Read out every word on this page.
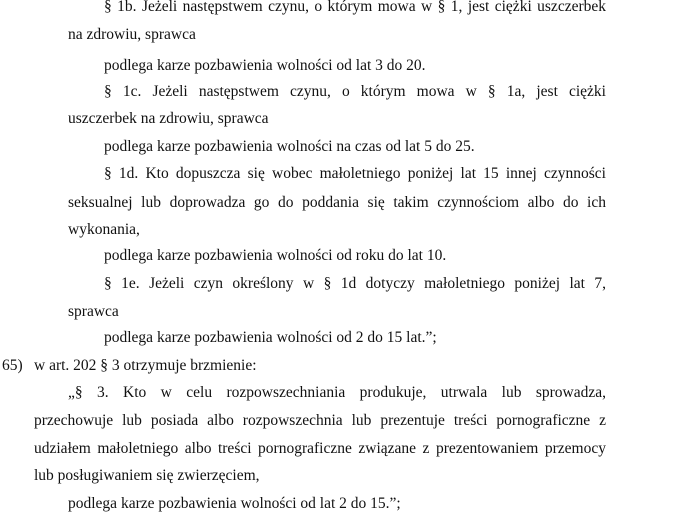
§ 1b. Jeżeli następstwem czynu, o którym mowa w § 1, jest ciężki uszczerbek
na zdrowiu, sprawca
podlega karze pozbawienia wolności od lat 3 do 20.
§ 1c. Jeżeli następstwem czynu, o którym mowa w § 1a, jest ciężki
uszczerbek na zdrowiu, sprawca
podlega karze pozbawienia wolności na czas od lat 5 do 25.
§ 1d. Kto dopuszcza się wobec małoletniego poniżej lat 15 innej czynności
seksualnej lub doprowadza go do poddania się takim czynnościom albo do ich
wykonania,
podlega karze pozbawienia wolności od roku do lat 10.
§ 1e. Jeżeli czyn określony w § 1d dotyczy małoletniego poniżej lat 7,
sprawca
podlega karze pozbawienia wolności od 2 do 15 lat.”;
65) w art. 202 § 3 otrzymuje brzmienie:
„§ 3. Kto w celu rozpowszechniania produkuje, utrwala lub sprowadza,
przechowuje lub posiada albo rozpowszechnia lub prezentuje treści pornograficzne z
udziałem małoletniego albo treści pornograficzne związane z prezentowaniem przemocy
lub posługiwaniem się zwierzęciem,
podlega karze pozbawienia wolności od lat 2 do 15.”;
